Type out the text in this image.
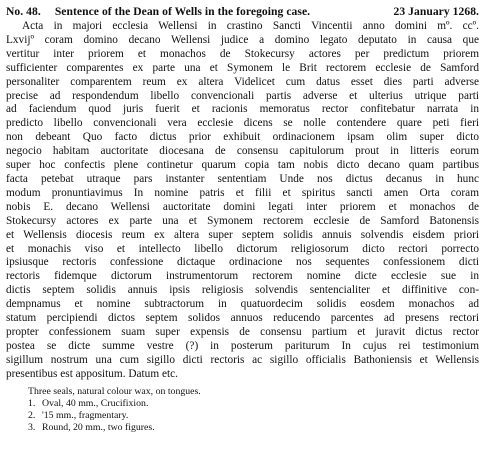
No. 48. Sentence of the Dean of Wells in the foregoing case.	23 January 1268.
Acta in majori ecclesia Wellensi in crastino Sancti Vincentii anno domini mº. ccº.
Lxvijº coram domino decano Wellensi judice a domino legato deputato in causa que
vertitur inter priorem et monachos de Stokecursy actores per predictum priorem
sufficienter comparentes ex parte una et Symonem le Brit rectorem ecclesie de Samford
personaliter comparentem reum ex altera Videlicet cum datus esset dies parti adverse
precise ad respondendum libello convencionali partis adverse et ulterius utrique parti
ad faciendum quod juris fuerit et racionis memoratus rector confitebatur narrata in
predicto libello convencionali vera ecclesie dicens se nolle contendere quare peti fieri
non debeant Quo facto dictus prior exhibuit ordinacionem ipsam olim super dicto
negocio habitam auctoritate diocesana de consensu capitulorum prout in litteris eorum
super hoc confectis plene continetur quarum copia tam nobis dicto decano quam partibus
facta petebat utraque pars instanter sententiam Unde nos dictus decanus in hunc
modum pronuntiavimus In nomine patris et filii et spiritus sancti amen Orta coram
nobis E. decano Wellensi auctoritate domini legati inter priorem et monachos de
Stokecursy actores ex parte una et Symonem rectorem ecclesie de Samford Batonensis
et Wellensis diocesis reum ex altera super septem solidis annuis solvendis eisdem priori
et monachis viso et intellecto libello dictorum religiosorum dicto rectori porrecto
ipsiusque rectoris confessione dictaque ordinacione nos sequentes confessionem dicti
rectoris fidemque dictorum instrumentorum rectorem nomine dicte ecclesie sue in
dictis septem solidis annuis ipsis religiosis solvendis sentencialiter et diffinitive con-
dempnamus et nomine subtractorum in quatuordecim solidis eosdem monachos ad
statum percipiendi dictos septem solidos annuos reducendo parcentes ad presens rectori
propter confessionem suam super expensis de consensu partium et juravit dictus rector
postea se dicte summe vestre (?) in posterum pariturum In cujus rei testimonium
sigillum nostrum una cum sigillo dicti rectoris ac sigillo officialis Bathoniensis et Wellensis
presentibus est appositum. Datum etc.
Three seals, natural colour wax, on tongues.
1. Oval, 40 mm., Crucifixion.
2. '15 mm., fragmentary.
3. Round, 20 mm., two figures.
